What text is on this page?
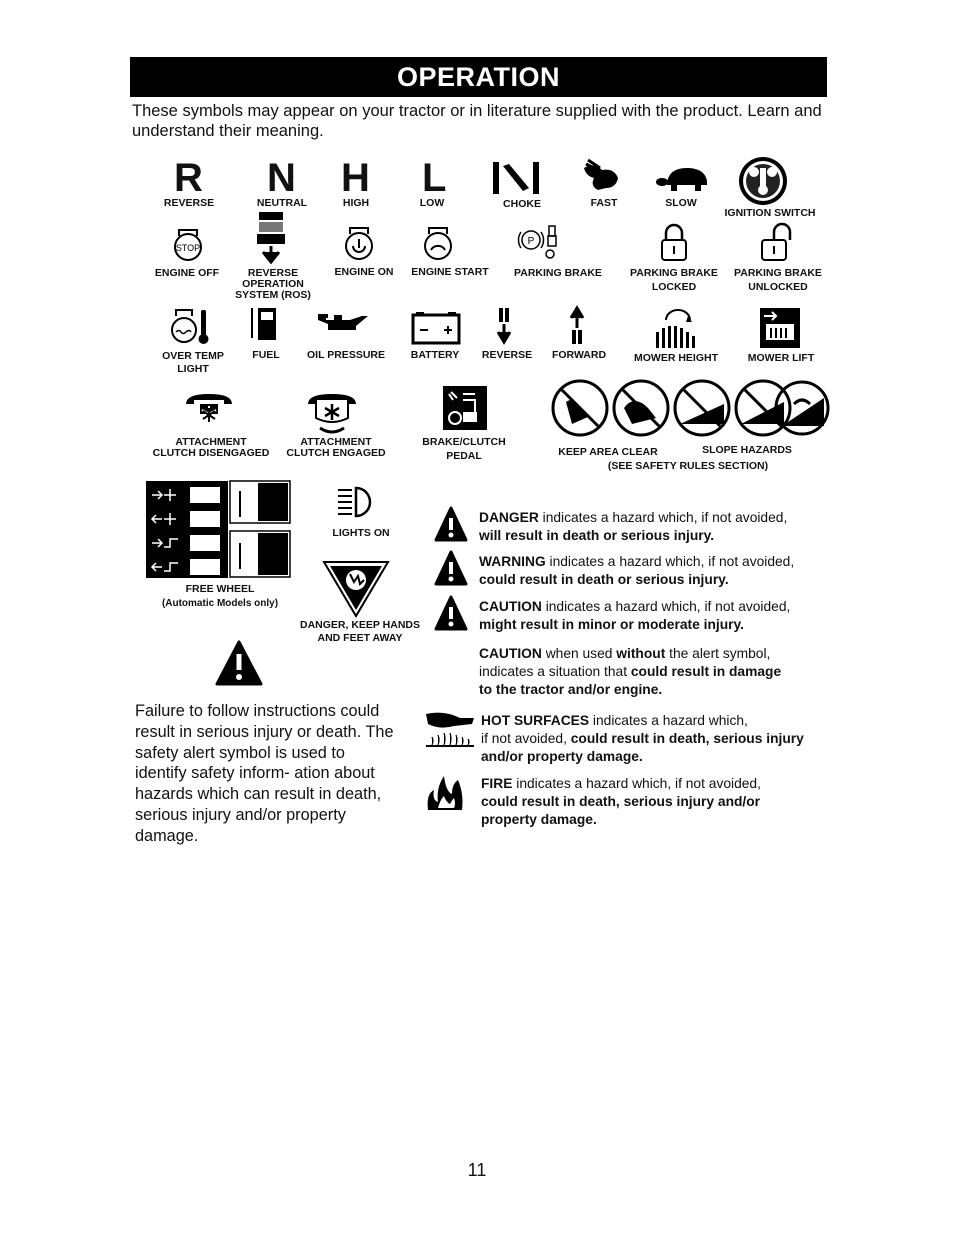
OPERATION
These symbols may appear on your tractor or in literature supplied with the product. Learn and understand their meaning.
R N H L
REVERSE	NEUTRAL	HIGH	LOW	CHOKE	FAST	SLOW
IGNITION SWITCH
STOP
P
ENGINE OFF	REVERSE
OPERATION
SYSTEM (ROS)
ENGINE ON	ENGINE START	PARKING BRAKE	PARKING BRAKE
LOCKED
PARKING BRAKE
UNLOCKED
OVER TEMP
LIGHT
FUEL	OIL PRESSURE	BATTERY	REVERSE	FORWARD	MOWER HEIGHT	MOWER LIFT
ATTACHMENT
CLUTCH DISENGAGED
ATTACHMENT
CLUTCH ENGAGED
BRAKE/CLUTCH
PEDAL	KEEP AREA CLEAR	SLOPE HAZARDS
(SEE SAFETY RULES SECTION)
FREE WHEEL
(Automatic Models only)
LIGHTS ON
DANGER, KEEP HANDS
AND FEET AWAY
Failure to follow instructions could result in serious injury or death. The safety alert symbol is used to identify safety inform- ation about hazards which can result in death, serious injury and/or property damage.
DANGER indicates a hazard which, if not avoided,
will result in death or serious injury.
WARNING indicates a hazard which, if not avoided,
could result in death or serious injury.
CAUTION indicates a hazard which, if not avoided,
might result in minor or moderate injury.
CAUTION when used without the alert symbol,
indicates a situation that could result in damage
to the tractor and/or engine.
HOT SURFACES indicates a hazard which,
if not avoided, could result in death, serious injury
and/or property damage.
FIRE indicates a hazard which, if not avoided,
could result in death, serious injury and/or
property damage.
11
